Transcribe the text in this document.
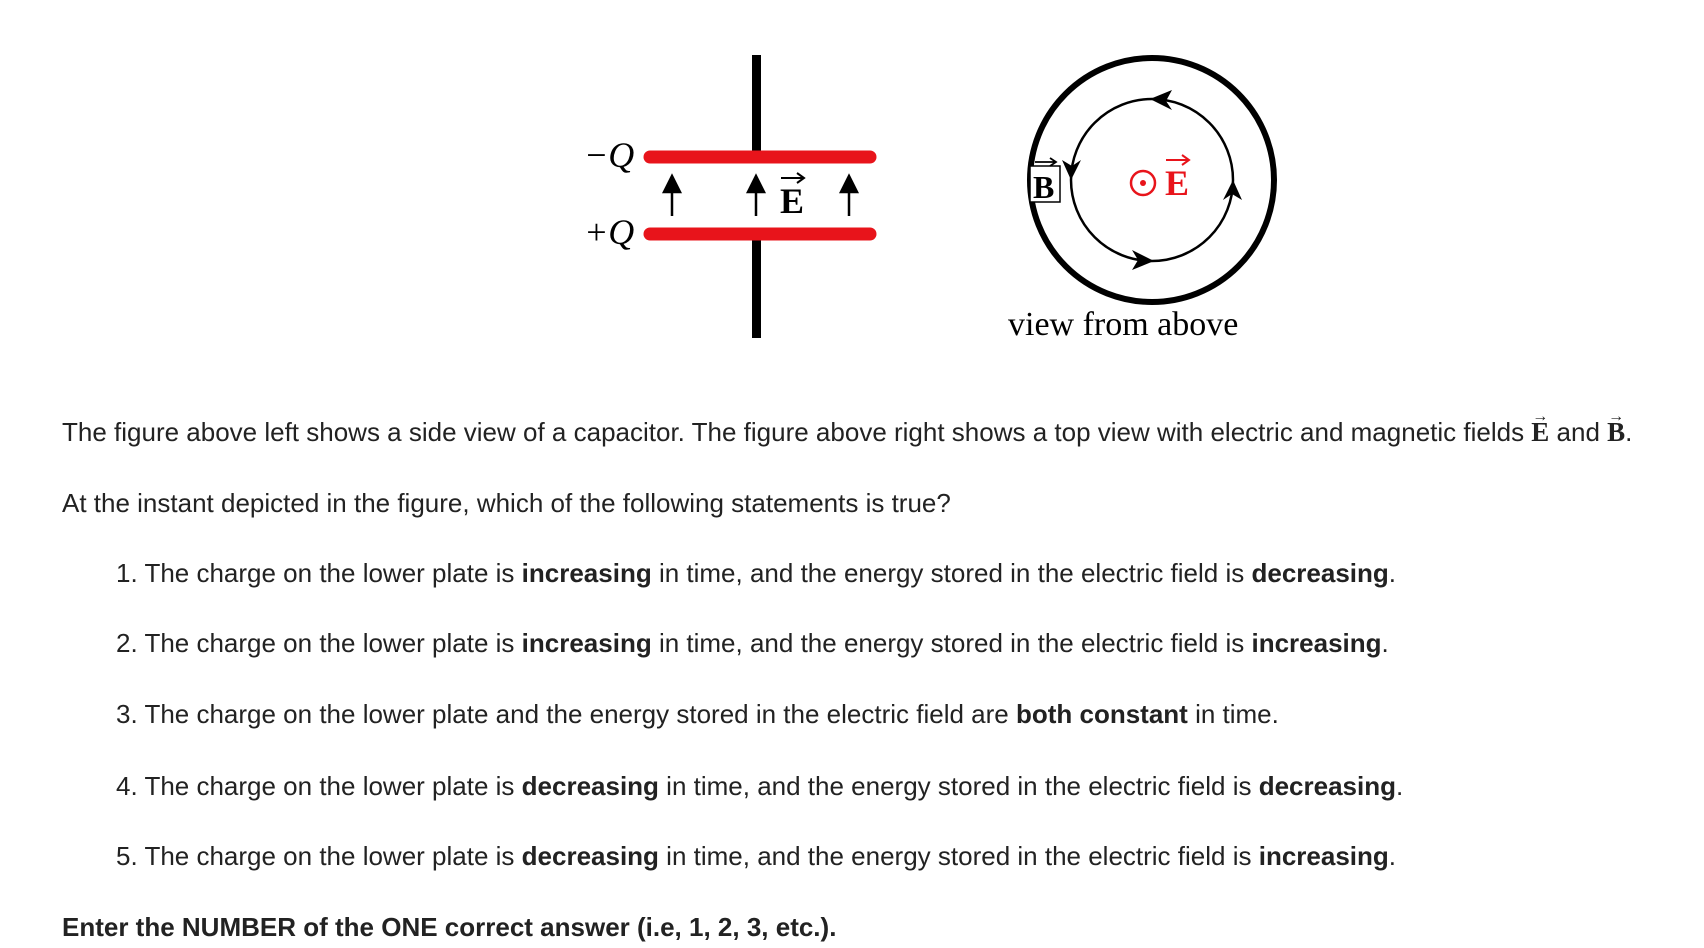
−Q
+Q
E	B	E
view from above

The figure above left shows a side view of a capacitor. The figure above right shows a top view with electric and magnetic fields → E and → B.

At the instant depicted in the figure, which of the following statements is true?

1. The charge on the lower plate is increasing in time, and the energy stored in the electric field is decreasing.
2. The charge on the lower plate is increasing in time, and the energy stored in the electric field is increasing.
3. The charge on the lower plate and the energy stored in the electric field are both constant in time.
4. The charge on the lower plate is decreasing in time, and the energy stored in the electric field is decreasing.
5. The charge on the lower plate is decreasing in time, and the energy stored in the electric field is increasing.

Enter the NUMBER of the ONE correct answer (i.e, 1, 2, 3, etc.).
